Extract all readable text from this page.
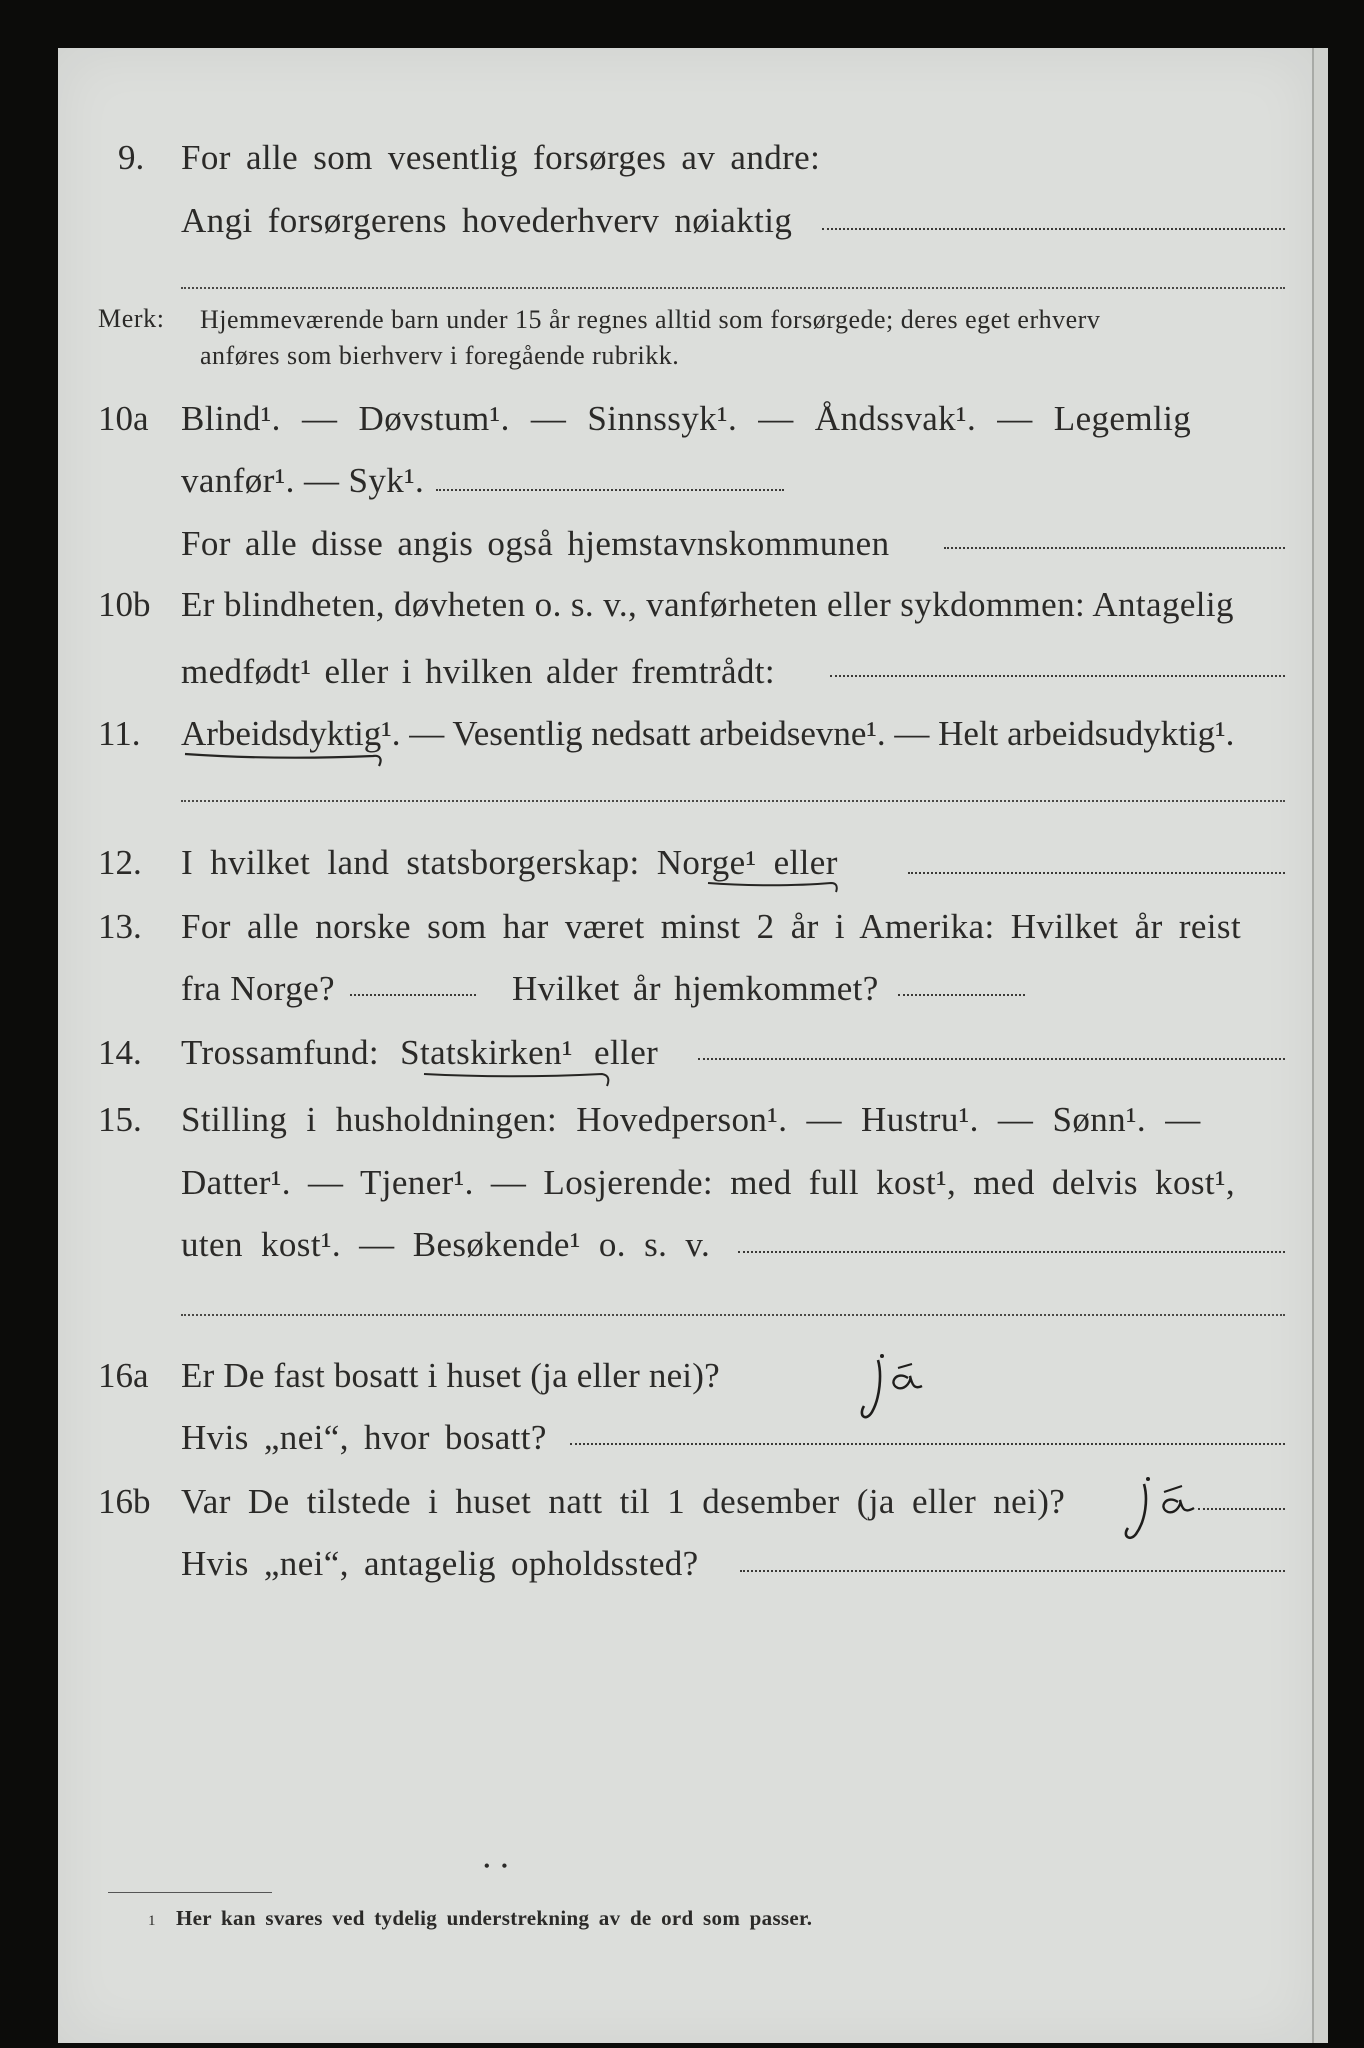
9. For alle som vesentlig forsørges av andre:
Angi forsørgerens hovederhverv nøiaktig
Merk: Hjemmeværende barn under 15 år regnes alltid som forsørgede; deres eget erhverv
anføres som bierhverv i foregående rubrikk.
10a Blind¹. — Døvstum¹. — Sinnssyk¹. — Åndssvak¹. — Legemlig
vanfør¹. — Syk¹.
For alle disse angis også hjemstavnskommunen
10b Er blindheten, døvheten o. s. v., vanførheten eller sykdommen: Antagelig
medfødt¹ eller i hvilken alder fremtrådt:
11. Arbeidsdyktig¹. — Vesentlig nedsatt arbeidsevne¹. — Helt arbeidsudyktig¹.
12. I hvilket land statsborgerskap: Norge¹ eller
13. For alle norske som har været minst 2 år i Amerika: Hvilket år reist
fra Norge?	Hvilket år hjemkommet?
14. Trossamfund: Statskirken¹ eller
15. Stilling i husholdningen: Hovedperson¹. — Hustru¹. — Sønn¹. —
Datter¹. — Tjener¹. — Losjerende: med full kost¹, med delvis kost¹,
uten kost¹. — Besøkende¹ o. s. v.
16a Er De fast bosatt i huset (ja eller nei)?
Hvis „nei“, hvor bosatt?
16b Var De tilstede i huset natt til 1 desember (ja eller nei)?
Hvis „nei“, antagelig opholdssted?
• •
1 Her kan svares ved tydelig understrekning av de ord som passer.
